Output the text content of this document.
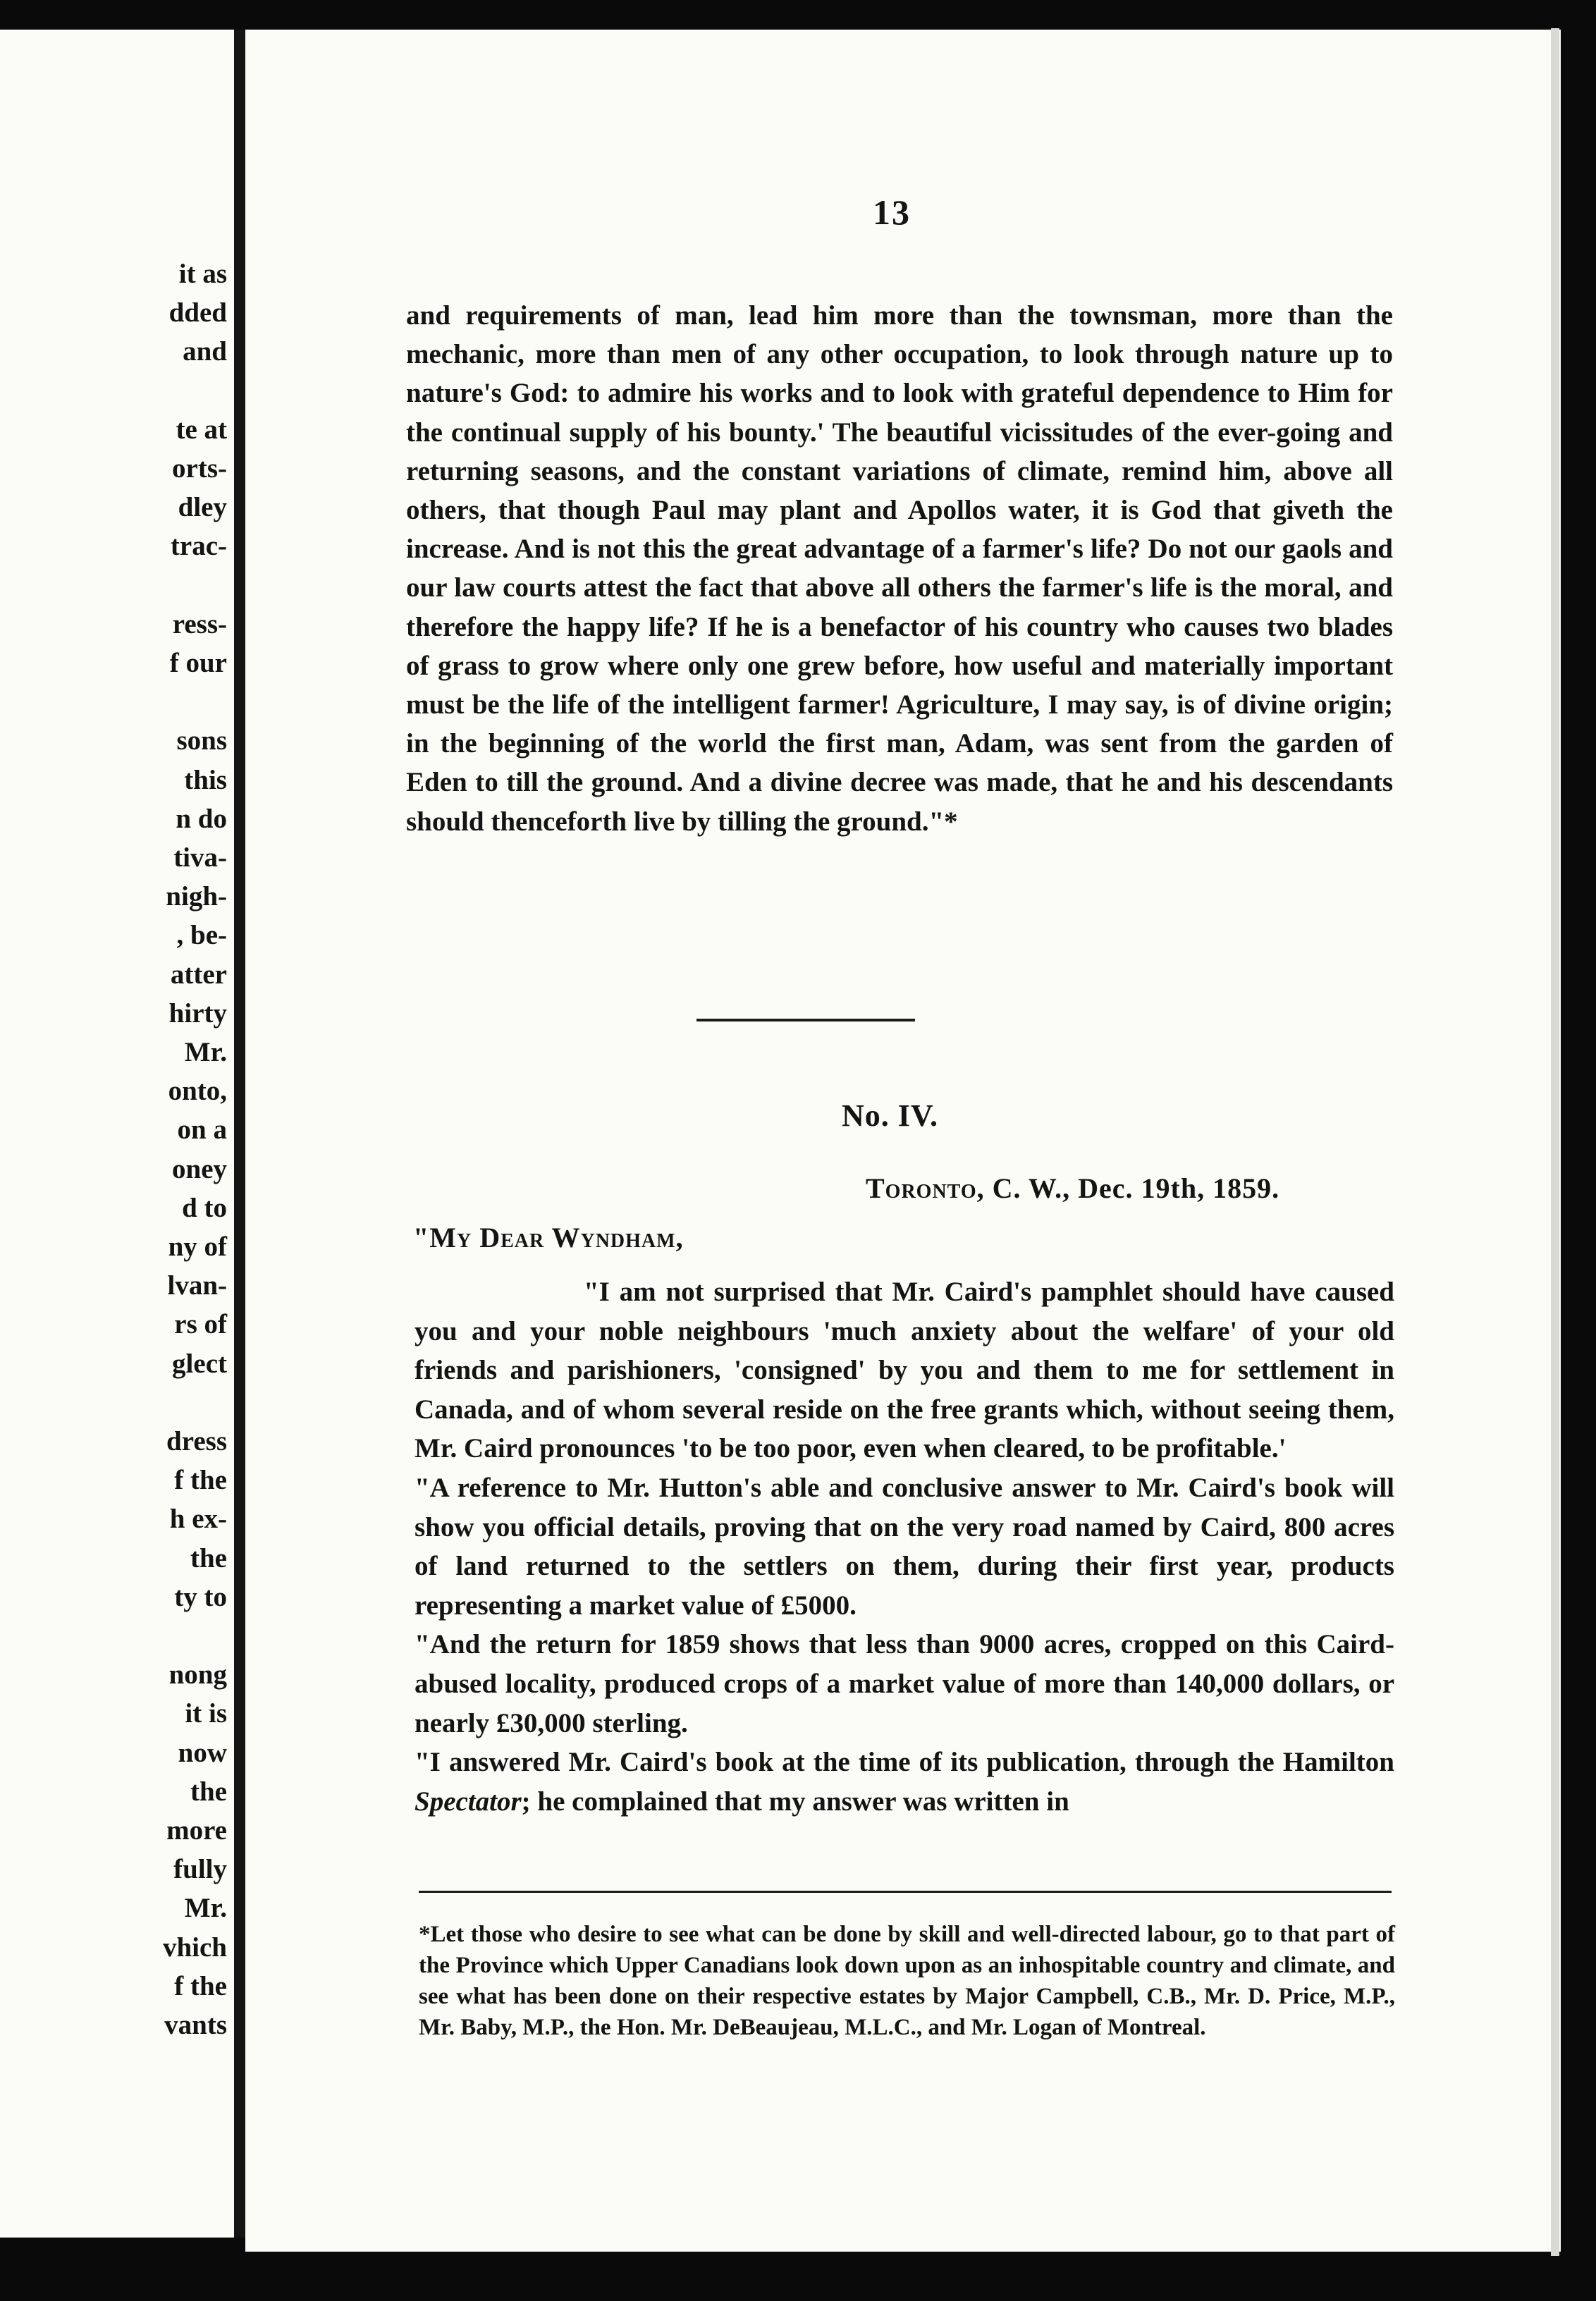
it as
dded
and
te at
orts-
dley
trac-
ress-
f our
sons
this
n do
tiva-
nigh-
, be-
atter
hirty
Mr.
onto,
on a
oney
d to
ny of
lvan-
rs of
glect
dress
f the
h ex-
the
ty to
nong
it is
now
the
more
fully
Mr.
vhich
f the
vants
13

and requirements of man, lead him more than the townsman, more than the mechanic, more than men of any other occupation, to look through nature up to nature's God: to admire his works and to look with grateful dependence to Him for the continual supply of his bounty.' The beautiful vicissitudes of the ever-going and returning seasons, and the constant variations of climate, remind him, above all others, that though Paul may plant and Apollos water, it is God that giveth the increase. And is not this the great advantage of a farmer's life? Do not our gaols and our law courts attest the fact that above all others the farmer's life is the moral, and therefore the happy life? If he is a benefactor of his country who causes two blades of grass to grow where only one grew before, how useful and materially important must be the life of the intelligent farmer! Agriculture, I may say, is of divine origin; in the beginning of the world the first man, Adam, was sent from the garden of Eden to till the ground. And a divine decree was made, that he and his descendants should thenceforth live by tilling the ground."*

No. IV.
Toronto, C. W., Dec. 19th, 1859.
"My Dear Wyndham,

"I am not surprised that Mr. Caird's pamphlet should have caused you and your noble neighbours 'much anxiety about the welfare' of your old friends and parishioners, 'consigned' by you and them to me for settlement in Canada, and of whom several reside on the free grants which, without seeing them, Mr. Caird pronounces 'to be too poor, even when cleared, to be profitable.'

"A reference to Mr. Hutton's able and conclusive answer to Mr. Caird's book will show you official details, proving that on the very road named by Caird, 800 acres of land returned to the settlers on them, during their first year, products representing a market value of £5000.

"And the return for 1859 shows that less than 9000 acres, cropped on this Caird-abused locality, produced crops of a market value of more than 140,000 dollars, or nearly £30,000 sterling.

"I answered Mr. Caird's book at the time of its publication, through the Hamilton Spectator; he complained that my answer was written in

*Let those who desire to see what can be done by skill and well-directed labour, go to that part of the Province which Upper Canadians look down upon as an inhospitable country and climate, and see what has been done on their respective estates by Major Campbell, C.B., Mr. D. Price, M.P., Mr. Baby, M.P., the Hon. Mr. DeBeaujeau, M.L.C., and Mr. Logan of Montreal.
